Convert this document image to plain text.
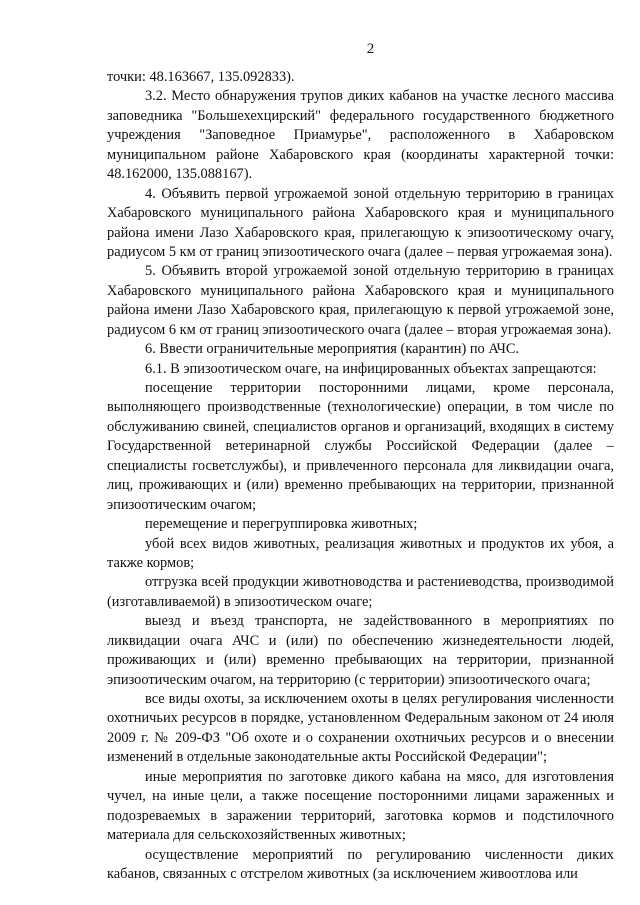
2

точки: 48.163667, 135.092833).

3.2. Место обнаружения трупов диких кабанов на участке лесного массива заповедника "Большехехцирский" федерального государственного бюджетного учреждения "Заповедное Приамурье", расположенного в Хабаровском муниципальном районе Хабаровского края (координаты характерной точки: 48.162000, 135.088167).

4. Объявить первой угрожаемой зоной отдельную территорию в границах Хабаровского муниципального района Хабаровского края и муниципального района имени Лазо Хабаровского края, прилегающую к эпизоотическому очагу, радиусом 5 км от границ эпизоотического очага (далее – первая угрожаемая зона).

5. Объявить второй угрожаемой зоной отдельную территорию в границах Хабаровского муниципального района Хабаровского края и муниципального района имени Лазо Хабаровского края, прилегающую к первой угрожаемой зоне, радиусом 6 км от границ эпизоотического очага (далее – вторая угрожаемая зона).

6. Ввести ограничительные мероприятия (карантин) по АЧС.

6.1. В эпизоотическом очаге, на инфицированных объектах запрещаются:

посещение территории посторонними лицами, кроме персонала, выполняющего производственные (технологические) операции, в том числе по обслуживанию свиней, специалистов органов и организаций, входящих в систему Государственной ветеринарной службы Российской Федерации (далее – специалисты госветслужбы), и привлеченного персонала для ликвидации очага, лиц, проживающих и (или) временно пребывающих на территории, признанной эпизоотическим очагом;

перемещение и перегруппировка животных;

убой всех видов животных, реализация животных и продуктов их убоя, а также кормов;

отгрузка всей продукции животноводства и растениеводства, производимой (изготавливаемой) в эпизоотическом очаге;

выезд и въезд транспорта, не задействованного в мероприятиях по ликвидации очага АЧС и (или) по обеспечению жизнедеятельности людей, проживающих и (или) временно пребывающих на территории, признанной эпизоотическим очагом, на территорию (с территории) эпизоотического очага;

все виды охоты, за исключением охоты в целях регулирования численности охотничьих ресурсов в порядке, установленном Федеральным законом от 24 июля 2009 г. № 209-ФЗ "Об охоте и о сохранении охотничьих ресурсов и о внесении изменений в отдельные законодательные акты Российской Федерации";

иные мероприятия по заготовке дикого кабана на мясо, для изготовления чучел, на иные цели, а также посещение посторонними лицами зараженных и подозреваемых в заражении территорий, заготовка кормов и подстилочного материала для сельскохозяйственных животных;

осуществление мероприятий по регулированию численности диких кабанов, связанных с отстрелом животных (за исключением живоотлова или
